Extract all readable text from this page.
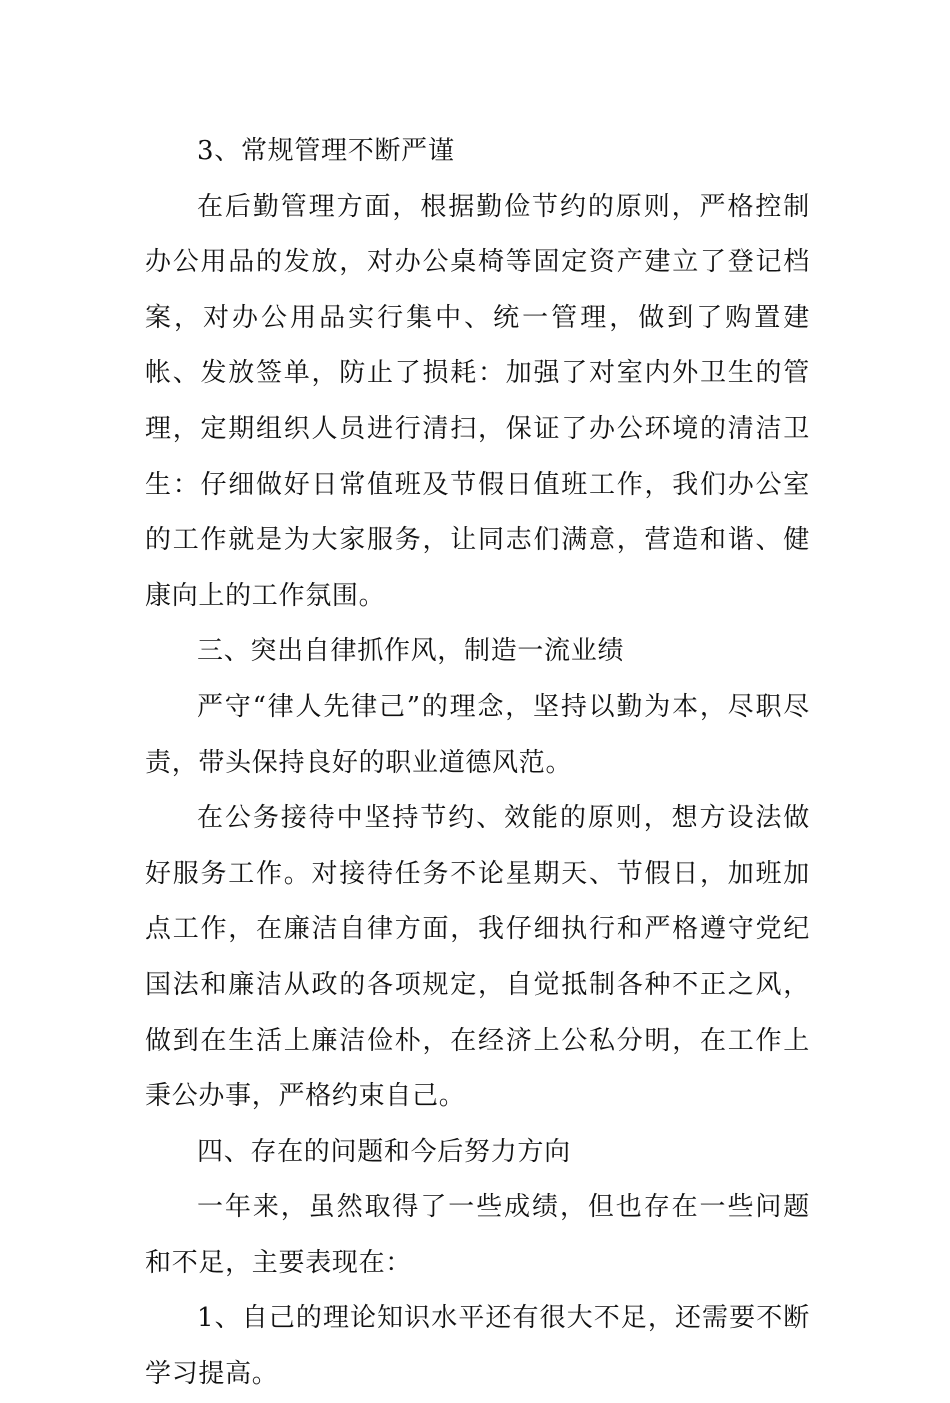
3、常规管理不断严谨

在后勤管理方面，根据勤俭节约的原则，严格控制办公用品的发放，对办公桌椅等固定资产建立了登记档案，对办公用品实行集中、统一管理，做到了购置建帐、发放签单，防止了损耗：加强了对室内外卫生的管理，定期组织人员进行清扫，保证了办公环境的清洁卫生：仔细做好日常值班及节假日值班工作，我们办公室的工作就是为大家服务，让同志们满意，营造和谐、健康向上的工作氛围。

三、突出自律抓作风，制造一流业绩

严守“律人先律己”的理念，坚持以勤为本，尽职尽责，带头保持良好的职业道德风范。

在公务接待中坚持节约、效能的原则，想方设法做好服务工作。对接待任务不论星期天、节假日，加班加点工作，在廉洁自律方面，我仔细执行和严格遵守党纪国法和廉洁从政的各项规定，自觉抵制各种不正之风，做到在生活上廉洁俭朴，在经济上公私分明，在工作上秉公办事，严格约束自己。

四、存在的问题和今后努力方向

一年来，虽然取得了一些成绩，但也存在一些问题和不足，主要表现在：

1、自己的理论知识水平还有很大不足，还需要不断学习提高。
